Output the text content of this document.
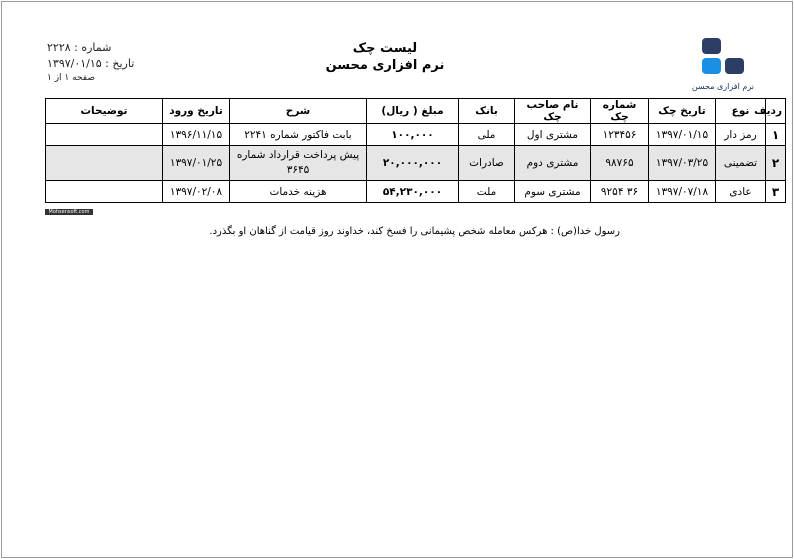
لیست چک
نرم افزاری محسن
شماره : ۲۲۲۸
تاریخ : ۱۳۹۷/۰۱/۱۵
صفحه ۱ از ۱
نرم افزاری محسن
ردیف	نوع	تاریخ چک	شماره چک	نام صاحب چک	بانک	مبلغ ( ریال)	شرح	تاریخ ورود	توضیحات
۱	رمز دار	۱۳۹۷/۰۱/۱۵	۱۲۳۴۵۶	مشتری اول	ملی	۱۰۰,۰۰۰	بابت فاکتور شماره ۲۲۴۱	۱۳۹۶/۱۱/۱۵	
۲	تضمینی	۱۳۹۷/۰۳/۲۵	۹۸۷۶۵	مشتری دوم	صادرات	۲۰,۰۰۰,۰۰۰	پیش پرداخت قرارداد شماره ۳۶۴۵	۱۳۹۷/۰۱/۲۵	
۳	عادی	۱۳۹۷/۰۷/۱۸	۳۶ ۹۲۵۴	مشتری سوم	ملت	۵۴,۲۳۰,۰۰۰	هزینه خدمات	۱۳۹۷/۰۲/۰۸	
Mohsensoft.com
رسول خدا(ص) : هرکس معامله شخص پشیمانی را فسخ کند، خداوند روز قیامت از گناهان او بگذرد.
